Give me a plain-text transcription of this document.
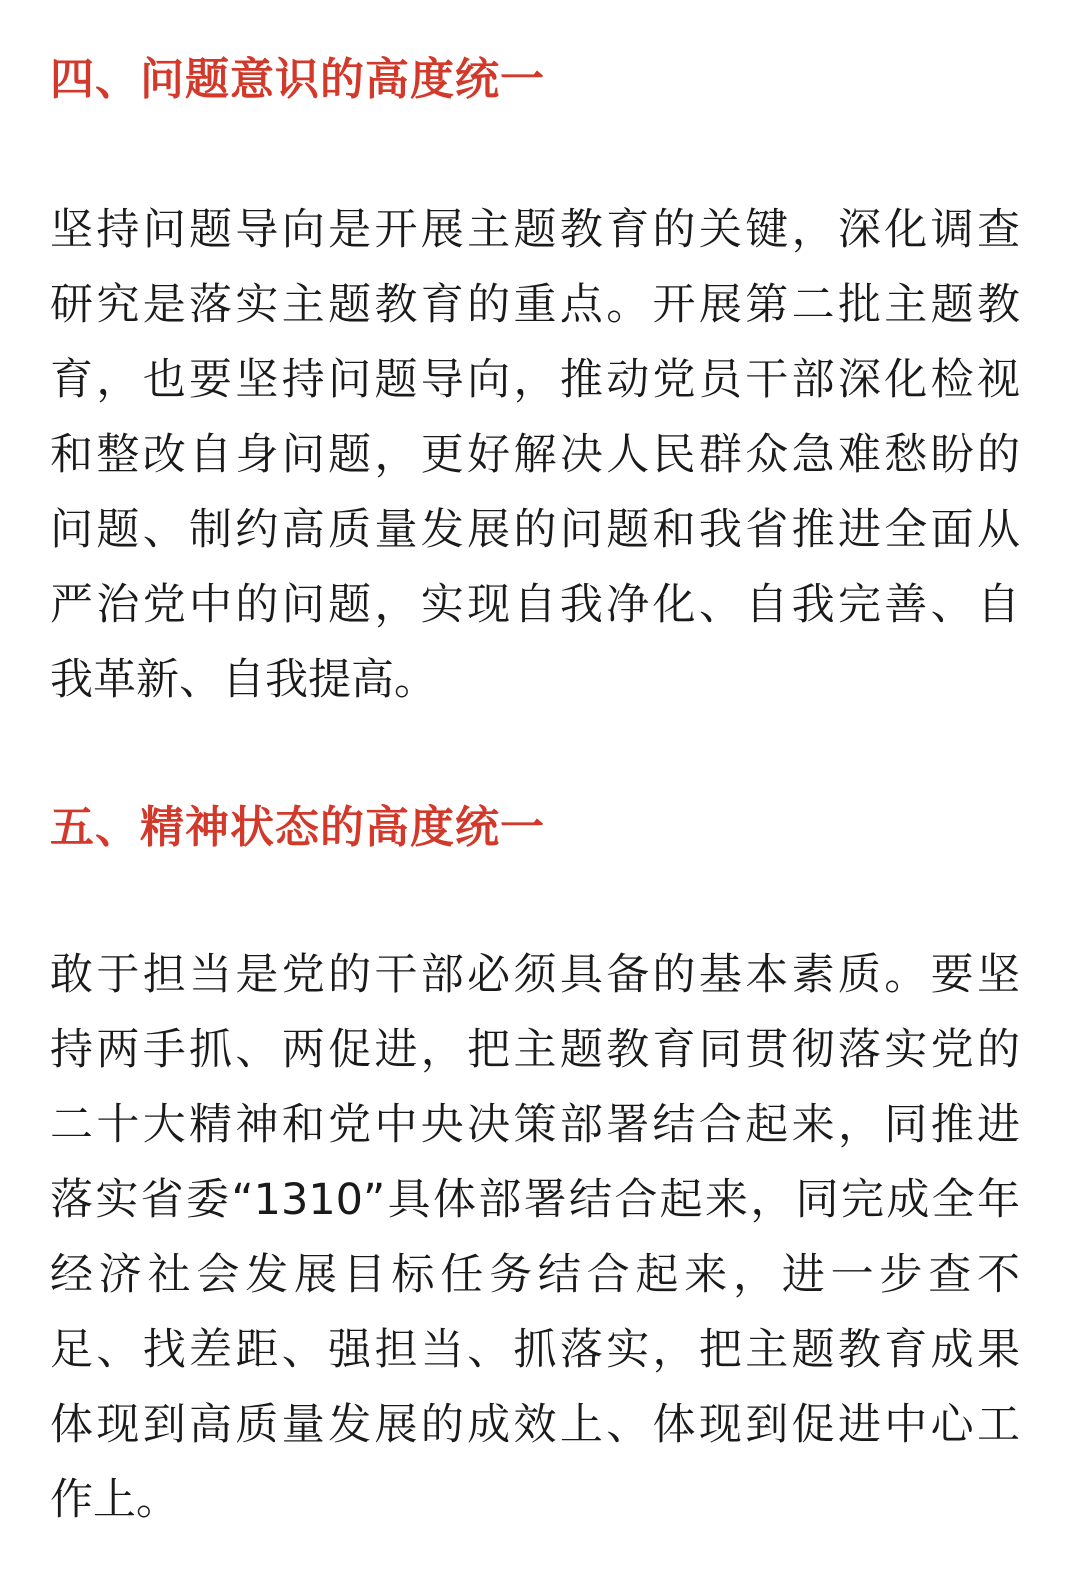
四、问题意识的高度统一
坚持问题导向是开展主题教育的关键，深化调查
研究是落实主题教育的重点。开展第二批主题教
育，也要坚持问题导向，推动党员干部深化检视
和整改自身问题，更好解决人民群众急难愁盼的
问题、制约高质量发展的问题和我省推进全面从
严治党中的问题，实现自我净化、自我完善、自
我革新、自我提高。
五、精神状态的高度统一
敢于担当是党的干部必须具备的基本素质。要坚
持两手抓、两促进，把主题教育同贯彻落实党的
二十大精神和党中央决策部署结合起来，同推进
落实省委“1310”具体部署结合起来，同完成全年
经济社会发展目标任务结合起来，进一步查不
足、找差距、强担当、抓落实，把主题教育成果
体现到高质量发展的成效上、体现到促进中心工
作上。
